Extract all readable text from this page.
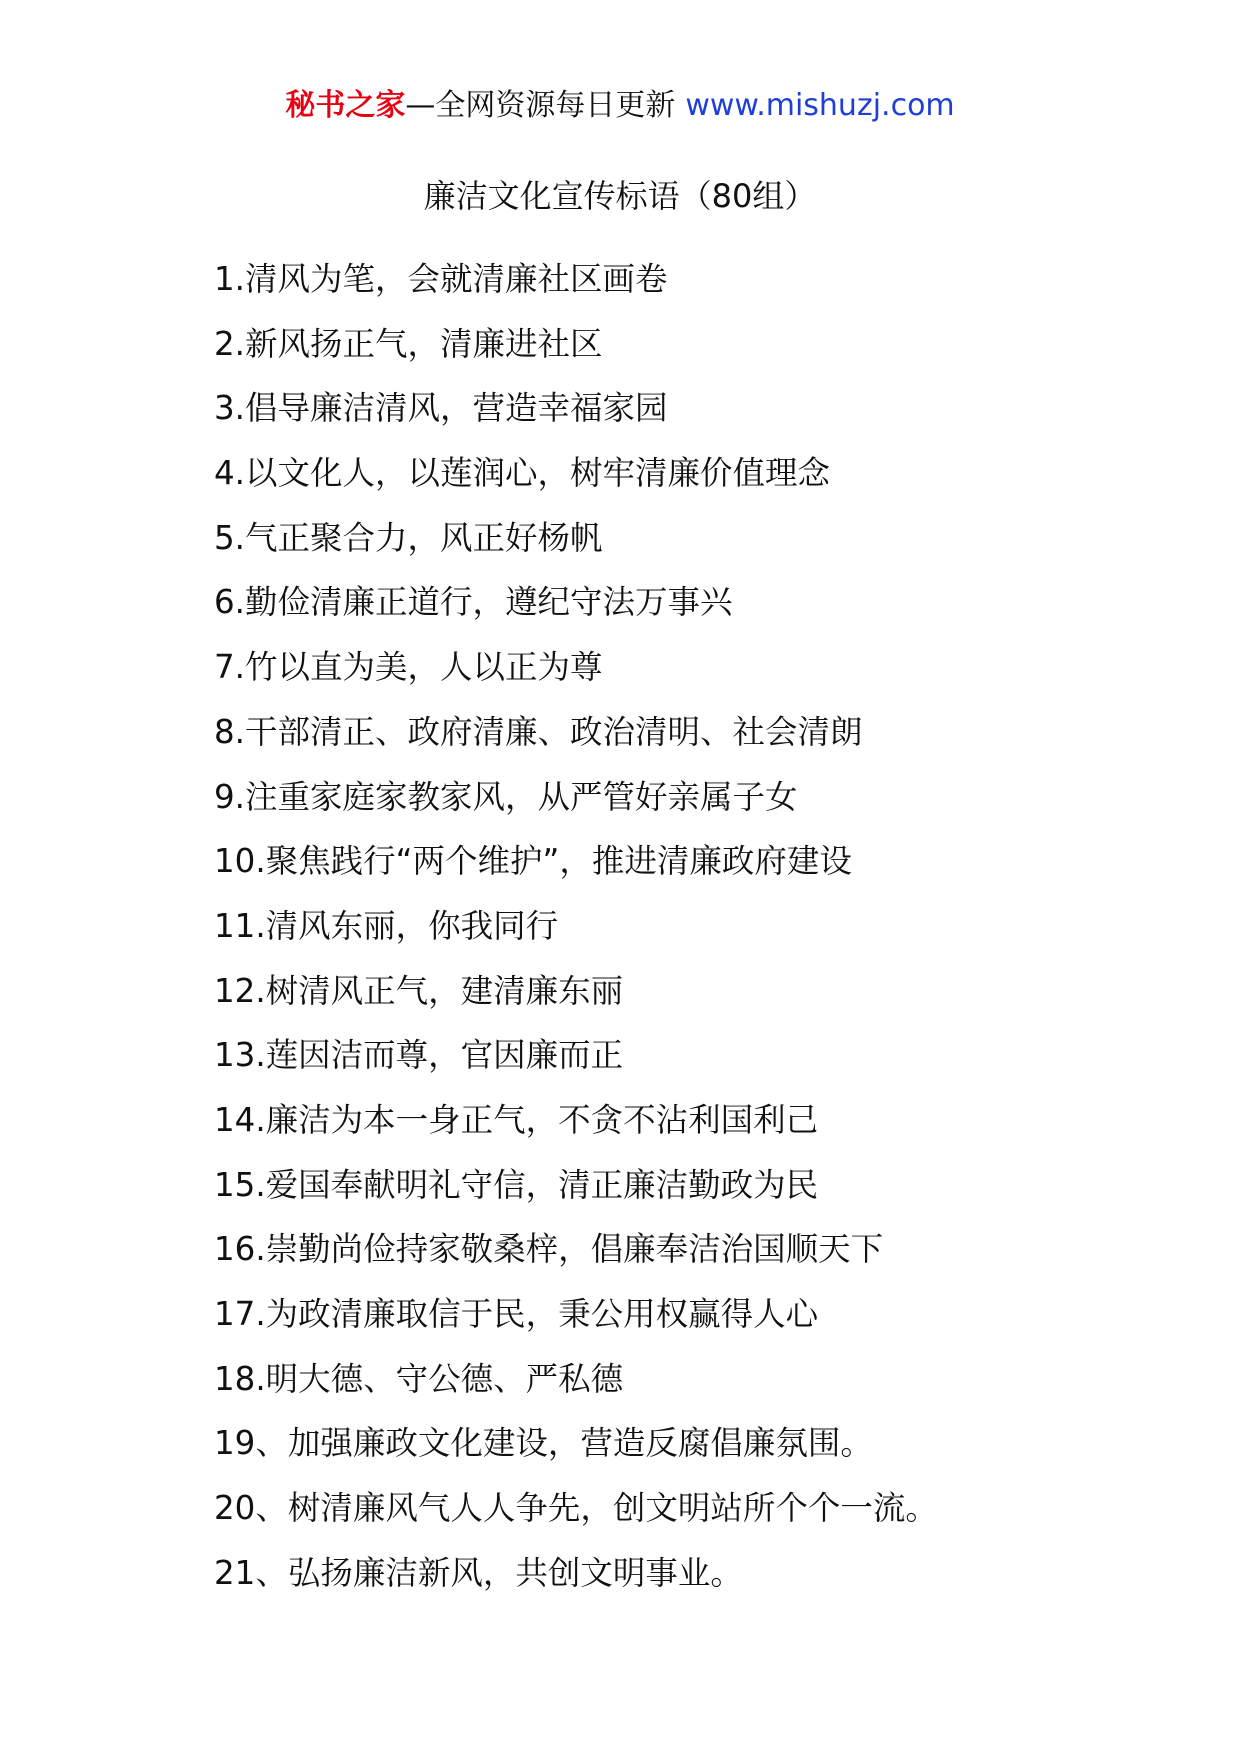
秘书之家—全网资源每日更新 www.mishuzj.com
廉洁文化宣传标语（80组）
1.清风为笔，会就清廉社区画卷
2.新风扬正气，清廉进社区
3.倡导廉洁清风，营造幸福家园
4.以文化人，以莲润心，树牢清廉价值理念
5.气正聚合力，风正好杨帆
6.勤俭清廉正道行，遵纪守法万事兴
7.竹以直为美，人以正为尊
8.干部清正、政府清廉、政治清明、社会清朗
9.注重家庭家教家风，从严管好亲属子女
10.聚焦践行“两个维护”，推进清廉政府建设
11.清风东丽，你我同行
12.树清风正气，建清廉东丽
13.莲因洁而尊，官因廉而正
14.廉洁为本一身正气，不贪不沾利国利己
15.爱国奉献明礼守信，清正廉洁勤政为民
16.崇勤尚俭持家敬桑梓，倡廉奉洁治国顺天下
17.为政清廉取信于民，秉公用权赢得人心
18.明大德、守公德、严私德
19、加强廉政文化建设，营造反腐倡廉氛围。
20、树清廉风气人人争先，创文明站所个个一流。
21、弘扬廉洁新风，共创文明事业。
